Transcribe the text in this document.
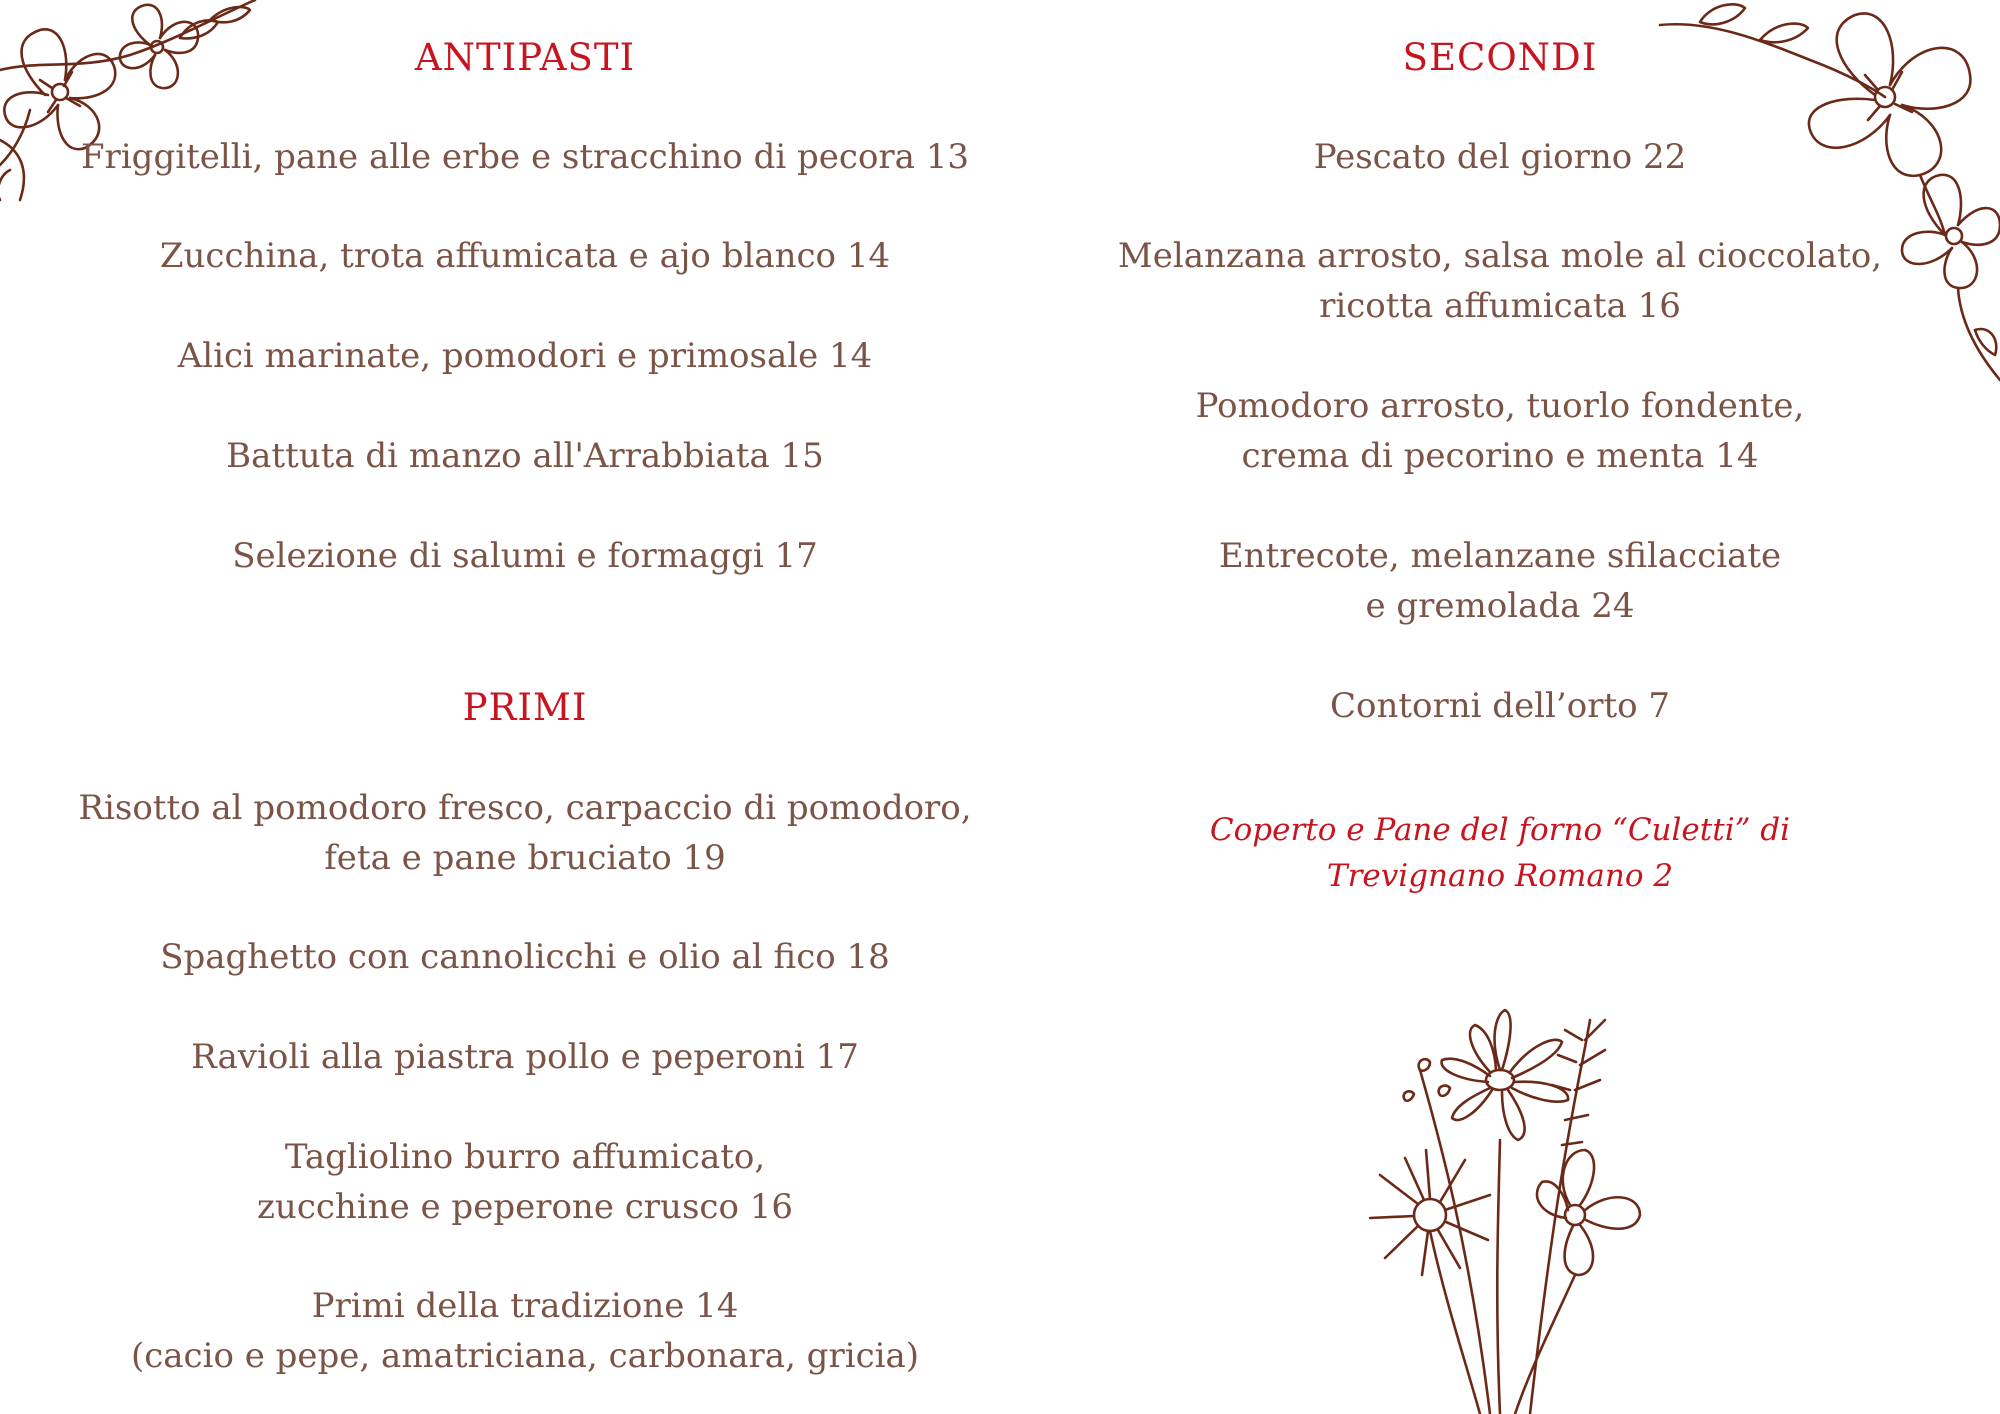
ANTIPASTI
Friggitelli, pane alle erbe e stracchino di pecora 13
Zucchina, trota affumicata e ajo blanco 14
Alici marinate, pomodori e primosale 14
Battuta di manzo all'Arrabbiata 15
Selezione di salumi e formaggi 17
PRIMI
Risotto al pomodoro fresco, carpaccio di pomodoro,
feta e pane bruciato 19
Spaghetto con cannolicchi e olio al fico 18
Ravioli alla piastra pollo e peperoni 17
Tagliolino burro affumicato,
zucchine e peperone crusco 16
Primi della tradizione 14
(cacio e pepe, amatriciana, carbonara, gricia)
SECONDI
Pescato del giorno 22
Melanzana arrosto, salsa mole al cioccolato,
ricotta affumicata 16
Pomodoro arrosto, tuorlo fondente,
crema di pecorino e menta 14
Entrecote, melanzane sfilacciate
e gremolada 24
Contorni dell’orto 7
Coperto e Pane del forno “Culetti” di
Trevignano Romano 2
